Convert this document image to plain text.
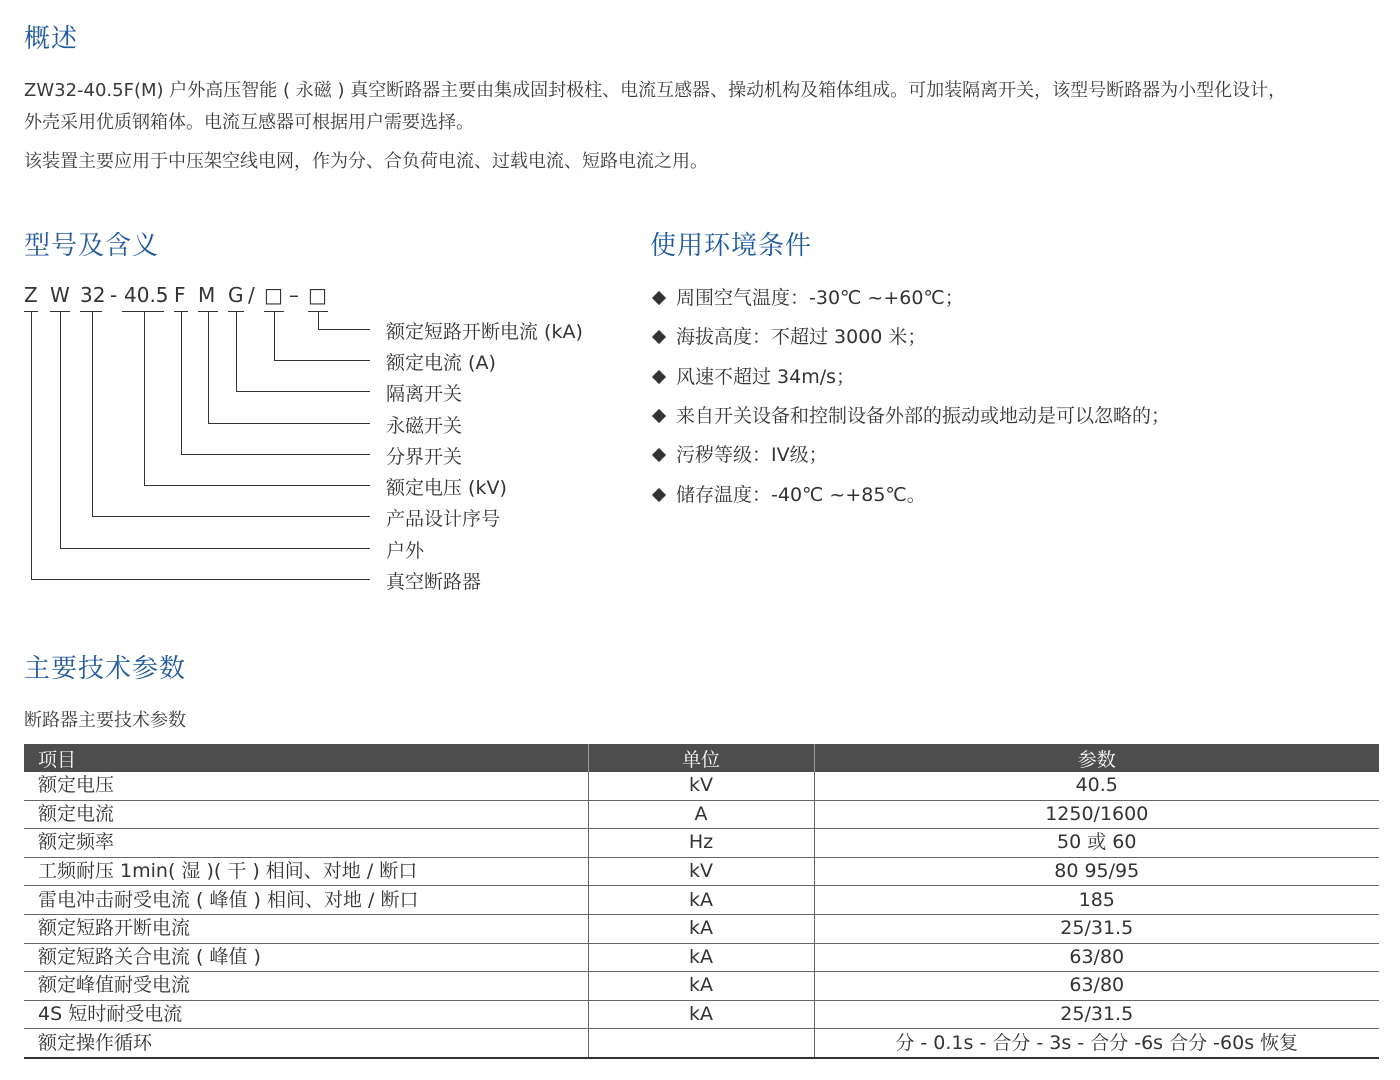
概述

ZW32-40.5F(M) 户外高压智能 ( 永磁 ) 真空断路器主要由集成固封极柱、电流互感器、操动机构及箱体组成。可加装隔离开关，该型号断路器为小型化设计，

外壳采用优质钢箱体。电流互感器可根据用户需要选择。

该装置主要应用于中压架空线电网，作为分、合负荷电流、过载电流、短路电流之用。

型号及含义
Z W 32 - 40.5 F M G / □ – □
额定短路开断电流 (kA)
额定电流 (A)
隔离开关
永磁开关
分界开关
额定电压 (kV)
产品设计序号
户外
真空断路器
使用环境条件
周围空气温度：-30℃ ~+60℃；
海拔高度：不超过 3000 米；
风速不超过 34m/s；
来自开关设备和控制设备外部的振动或地动是可以忽略的；
污秽等级：IV级；
储存温度：-40℃ ~+85℃。
主要技术参数

断路器主要技术参数

项目	单位	参数
额定电压	kV	40.5
额定电流	A	1250/1600
额定频率	Hz	50 或 60
工频耐压 1min( 湿 )( 干 ) 相间、对地 / 断口	kV	80 95/95
雷电冲击耐受电流 ( 峰值 ) 相间、对地 / 断口	kA	185
额定短路开断电流	kA	25/31.5
额定短路关合电流 ( 峰值 )	kA	63/80
额定峰值耐受电流	kA	63/80
4S 短时耐受电流	kA	25/31.5
额定操作循环		分 - 0.1s - 合分 - 3s - 合分 -6s 合分 -60s 恢复
